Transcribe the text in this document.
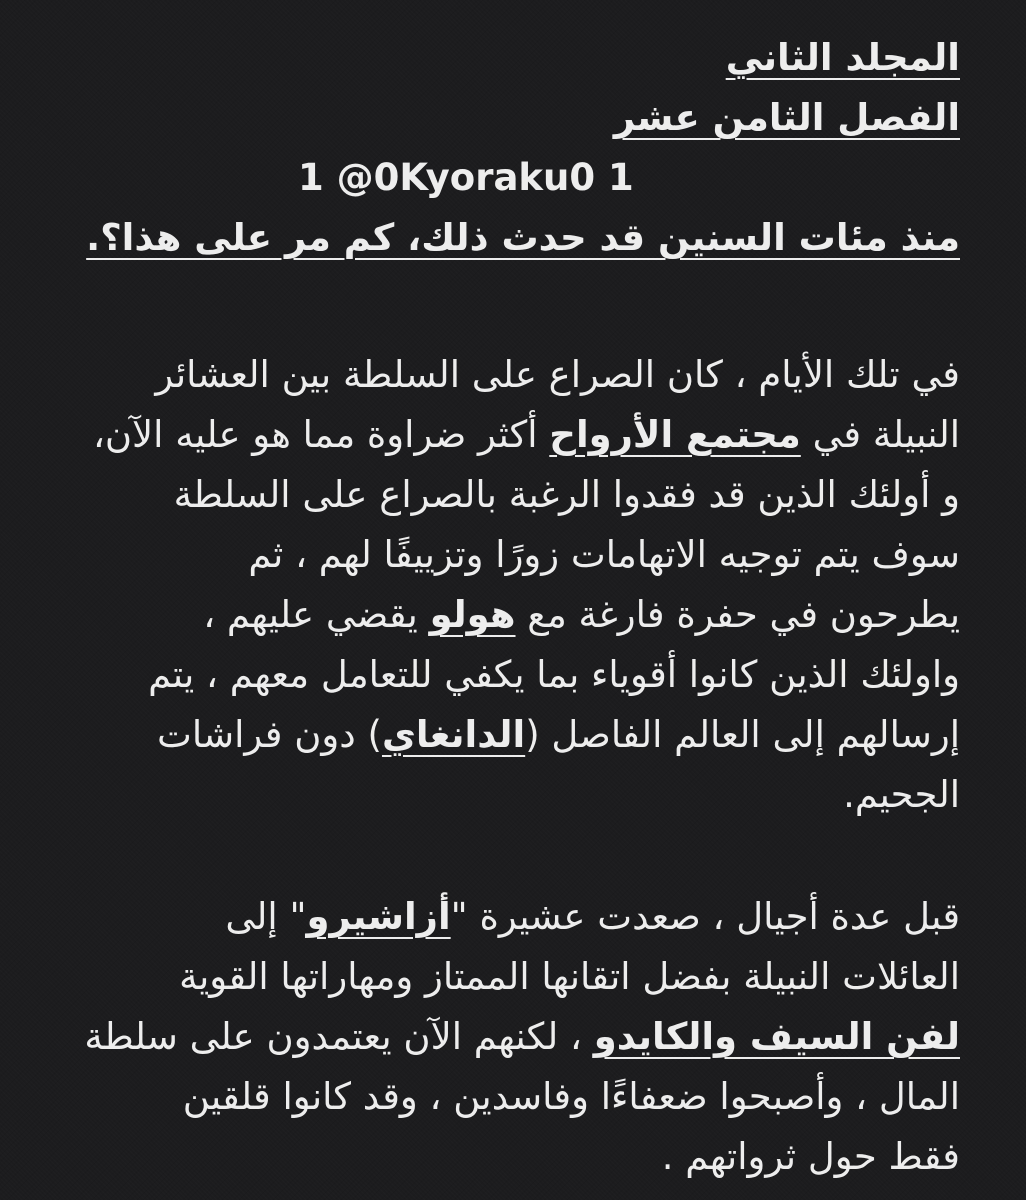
المجلد الثاني
الفصل الثامن عشر
1 @0Kyoraku0 1
منذ مئات السنين قد حدث ذلك، كم مر على هذا؟.
في تلك الأيام ، كان الصراع على السلطة بين العشائر
النبيلة في مجتمع الأرواح أكثر ضراوة مما هو عليه الآن،
و أولئك الذين قد فقدوا الرغبة بالصراع على السلطة
سوف يتم توجيه الاتهامات زورًا وتزييفًا لهم ، ثم
يطرحون في حفرة فارغة مع هولو يقضي عليهم ،
واولئك الذين كانوا أقوياء بما يكفي للتعامل معهم ، يتم
إرسالهم إلى العالم الفاصل (الدانغاي) دون فراشات
الجحيم.
قبل عدة أجيال ، صعدت عشيرة "أزاشيرو" إلى
العائلات النبيلة بفضل اتقانها الممتاز ومهاراتها القوية
لفن السيف والكايدو ، لكنهم الآن يعتمدون على سلطة
المال ، وأصبحوا ضعفاءًا وفاسدين ، وقد كانوا قلقين
فقط حول ثرواتهم .
